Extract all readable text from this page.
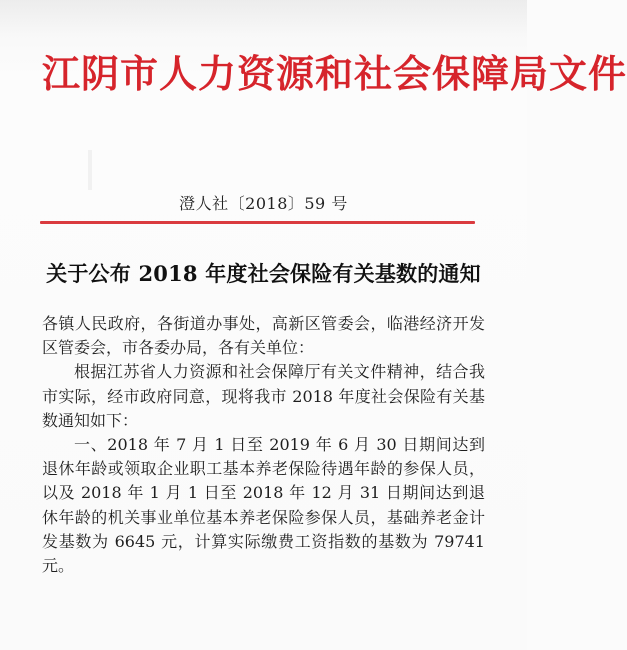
江阴市人力资源和社会保障局文件
澄人社〔2018〕59 号
关于公布 2018 年度社会保险有关基数的通知

各镇人民政府，各街道办事处，高新区管委会，临港经济开发区管委会，市各委办局，各有关单位：

根据江苏省人力资源和社会保障厅有关文件精神，结合我市实际，经市政府同意，现将我市 2018 年度社会保险有关基数通知如下：

一、2018 年 7 月 1 日至 2019 年 6 月 30 日期间达到退休年龄或领取企业职工基本养老保险待遇年龄的参保人员，以及 2018 年 1 月 1 日至 2018 年 12 月 31 日期间达到退休年龄的机关事业单位基本养老保险参保人员，基础养老金计发基数为 6645 元，计算实际缴费工资指数的基数为 79741 元。
